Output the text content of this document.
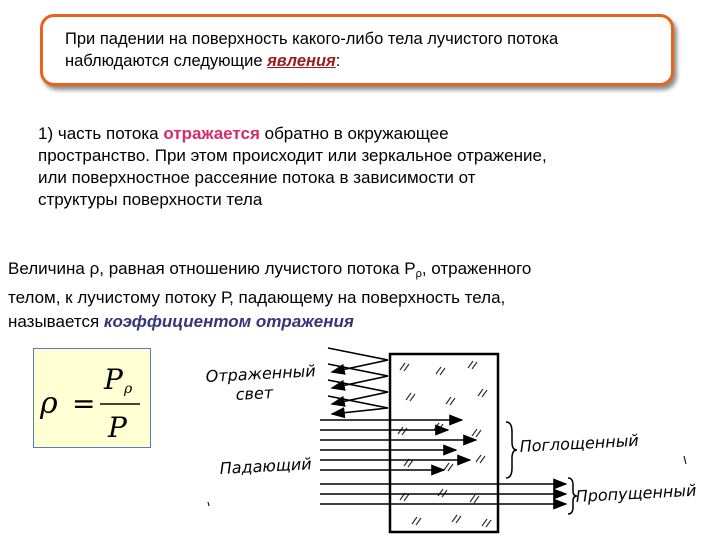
При падении на поверхность какого-либо тела лучистого потока
наблюдаются следующие явления:
1) часть потока отражается обратно в окружающее
пространство. При этом происходит или зеркальное отражение,
или поверхностное рассеяние потока в зависимости от
структуры поверхности тела
Величина ρ, равная отношению лучистого потока $Р_\rho$, отраженного
телом, к лучистому потоку Р, падающему на поверхность тела,
называется коэффициентом отражения
ρ =
P ρ
P
Отраженный
свет
Падающий
Поглощенный
Пропущенный
